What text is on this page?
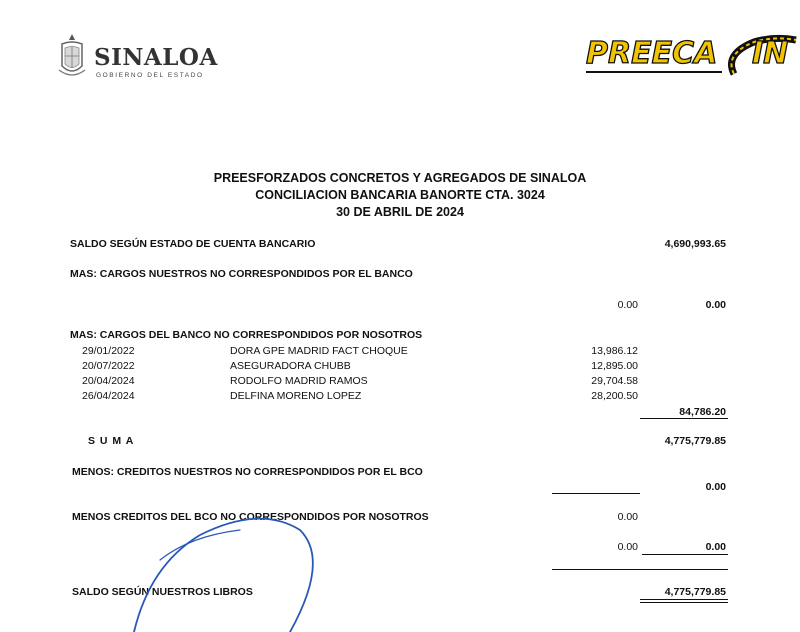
SINALOA
GOBIERNO DEL ESTADO
PREECA IN
PREESFORZADOS CONCRETOS Y AGREGADOS DE SINALOA
CONCILIACION BANCARIA BANORTE CTA. 3024
30 DE ABRIL DE 2024
SALDO SEGÚN ESTADO DE CUENTA BANCARIO	4,690,993.65
MAS: CARGOS NUESTROS NO CORRESPONDIDOS POR EL BANCO
0.00	0.00
MAS: CARGOS DEL BANCO NO CORRESPONDIDOS POR NOSOTROS
29/01/2022	DORA GPE MADRID FACT CHOQUE	13,986.12
20/07/2022	ASEGURADORA CHUBB	12,895.00
20/04/2024	RODOLFO MADRID RAMOS	29,704.58
26/04/2024	DELFINA MORENO LOPEZ	28,200.50
84,786.20
S U M A	4,775,779.85
MENOS: CREDITOS NUESTROS NO CORRESPONDIDOS POR EL BCO
0.00
MENOS CREDITOS DEL BCO NO CORRESPONDIDOS POR NOSOTROS	0.00
0.00	0.00
SALDO SEGÚN NUESTROS LIBROS	4,775,779.85
